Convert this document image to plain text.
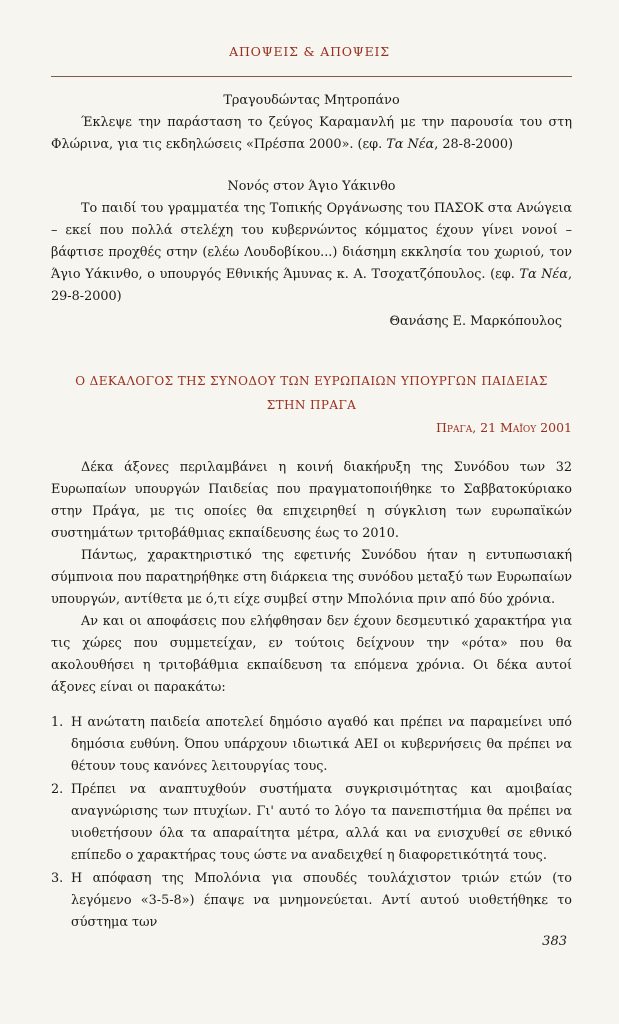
ΑΠΟΨΕΙΣ & ΑΠΟΨΕΙΣ

Τραγουδώντας Μητροπάνο

Έκλεψε την παράσταση το ζεύγος Καραμανλή με την παρουσία του στη Φλώρινα, για τις εκδηλώσεις «Πρέσπα 2000». (εφ. Τα Νέα, 28-8-2000)

Νονός στον Άγιο Υάκινθο

Το παιδί του γραμματέα της Τοπικής Οργάνωσης του ΠΑΣΟΚ στα Ανώγεια – εκεί που πολλά στελέχη του κυβερνώντος κόμματος έχουν γίνει νονοί – βάφτισε προχθές στην (ελέω Λουδοβίκου...) διάσημη εκκλησία του χωριού, τον Άγιο Υάκινθο, ο υπουργός Εθνικής Άμυνας κ. Α. Τσοχατζόπουλος. (εφ. Τα Νέα, 29-8-2000)

Θανάσης Ε. Μαρκόπουλος

Ο ΔΕΚΑΛΟΓΟΣ ΤΗΣ ΣΥΝΟΔΟΥ ΤΩΝ ΕΥΡΩΠΑΙΩΝ ΥΠΟΥΡΓΩΝ ΠΑΙΔΕΙΑΣ

ΣΤΗΝ ΠΡΑΓΑ

Πραγα, 21 Μαΐου 2001

Δέκα άξονες περιλαμβάνει η κοινή διακήρυξη της Συνόδου των 32 Ευρωπαίων υπουργών Παιδείας που πραγματοποιήθηκε το Σαββατοκύριακο στην Πράγα, με τις οποίες θα επιχειρηθεί η σύγκλιση των ευρωπαϊκών συστημάτων τριτοβάθμιας εκπαίδευσης έως το 2010.

Πάντως, χαρακτηριστικό της εφετινής Συνόδου ήταν η εντυπωσιακή σύμπνοια που παρατηρήθηκε στη διάρκεια της συνόδου μεταξύ των Ευρωπαίων υπουργών, αντίθετα με ό,τι είχε συμβεί στην Μπολόνια πριν από δύο χρόνια.

Αν και οι αποφάσεις που ελήφθησαν δεν έχουν δεσμευτικό χαρακτήρα για τις χώρες που συμμετείχαν, εν τούτοις δείχνουν την «ρότα» που θα ακολουθήσει η τριτοβάθμια εκπαίδευση τα επόμενα χρόνια. Οι δέκα αυτοί άξονες είναι οι παρακάτω:

1. Η ανώτατη παιδεία αποτελεί δημόσιο αγαθό και πρέπει να παραμείνει υπό δημόσια ευθύνη. Όπου υπάρχουν ιδιωτικά ΑΕΙ οι κυβερνήσεις θα πρέπει να θέτουν τους κανόνες λειτουργίας τους.
2. Πρέπει να αναπτυχθούν συστήματα συγκρισιμότητας και αμοιβαίας αναγνώρισης των πτυχίων. Γι' αυτό το λόγο τα πανεπιστήμια θα πρέπει να υιοθετήσουν όλα τα απαραίτητα μέτρα, αλλά και να ενισχυθεί σε εθνικό επίπεδο ο χαρακτήρας τους ώστε να αναδειχθεί η διαφορετικότητά τους.
3. Η απόφαση της Μπολόνια για σπουδές τουλάχιστον τριών ετών (το λεγόμενο «3-5-8») έπαψε να μνημονεύεται. Αντί αυτού υιοθετήθηκε το σύστημα των
383
